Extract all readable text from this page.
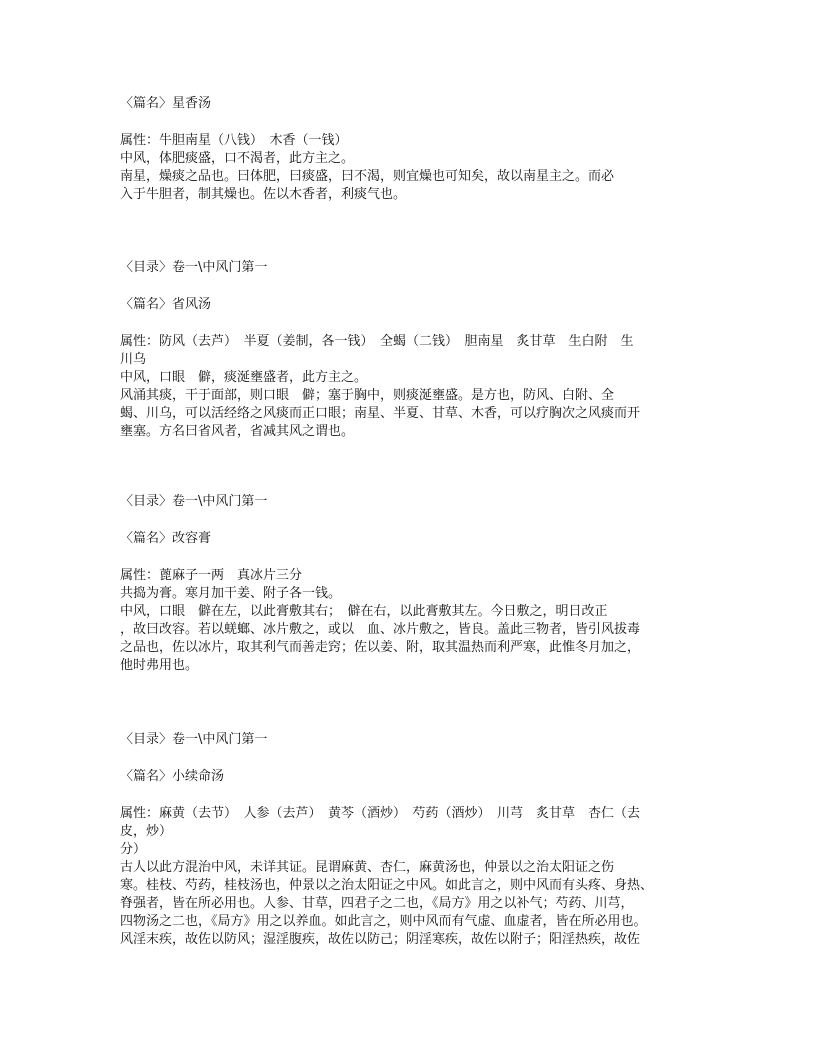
〈篇名〉星香汤
属性：牛胆南星（八钱）　木香（一钱）
中风，体肥痰盛，口不渴者，此方主之。
南星，燥痰之品也。曰体肥，曰痰盛，曰不渴，则宜燥也可知矣，故以南星主之。而必
入于牛胆者，制其燥也。佐以木香者，利痰气也。
〈目录〉卷一\中风门第一
〈篇名〉省风汤
属性：防风（去芦）　半夏（姜制，各一钱）　全蝎（二钱）　胆南星　炙甘草　生白附　生
川乌
中风，口眼　僻，痰涎壅盛者，此方主之。
风涌其痰，干于面部，则口眼　僻；塞于胸中，则痰涎壅盛。是方也，防风、白附、全
蝎、川乌，可以活经络之风痰而正口眼；南星、半夏、甘草、木香，可以疗胸次之风痰而开
壅塞。方名曰省风者，省减其风之谓也。
〈目录〉卷一\中风门第一
〈篇名〉改容膏
属性：蓖麻子一两　真冰片三分
共捣为膏。寒月加干姜、附子各一钱。
中风，口眼　僻在左，以此膏敷其右；　僻在右，以此膏敷其左。今日敷之，明日改正
，故曰改容。若以蜣螂、冰片敷之，或以　血、冰片敷之，皆良。盖此三物者，皆引风拔毒
之品也，佐以冰片，取其利气而善走窍；佐以姜、附，取其温热而利严寒，此惟冬月加之，
他时弗用也。
〈目录〉卷一\中风门第一
〈篇名〉小续命汤
属性：麻黄（去节）　人参（去芦）　黄芩（酒炒）　芍药（酒炒）　川芎　炙甘草　杏仁（去
皮，炒）
分）
古人以此方混治中风，未详其证。昆谓麻黄、杏仁，麻黄汤也，仲景以之治太阳证之伤
寒。桂枝、芍药，桂枝汤也，仲景以之治太阳证之中风。如此言之，则中风而有头疼、身热、
脊强者，皆在所必用也。人参、甘草，四君子之二也，《局方》用之以补气；芍药、川芎，
四物汤之二也，《局方》用之以养血。如此言之，则中风而有气虚、血虚者，皆在所必用也。
风淫末疾，故佐以防风；湿淫腹疾，故佐以防己；阴淫寒疾，故佐以附子；阳淫热疾，故佐
